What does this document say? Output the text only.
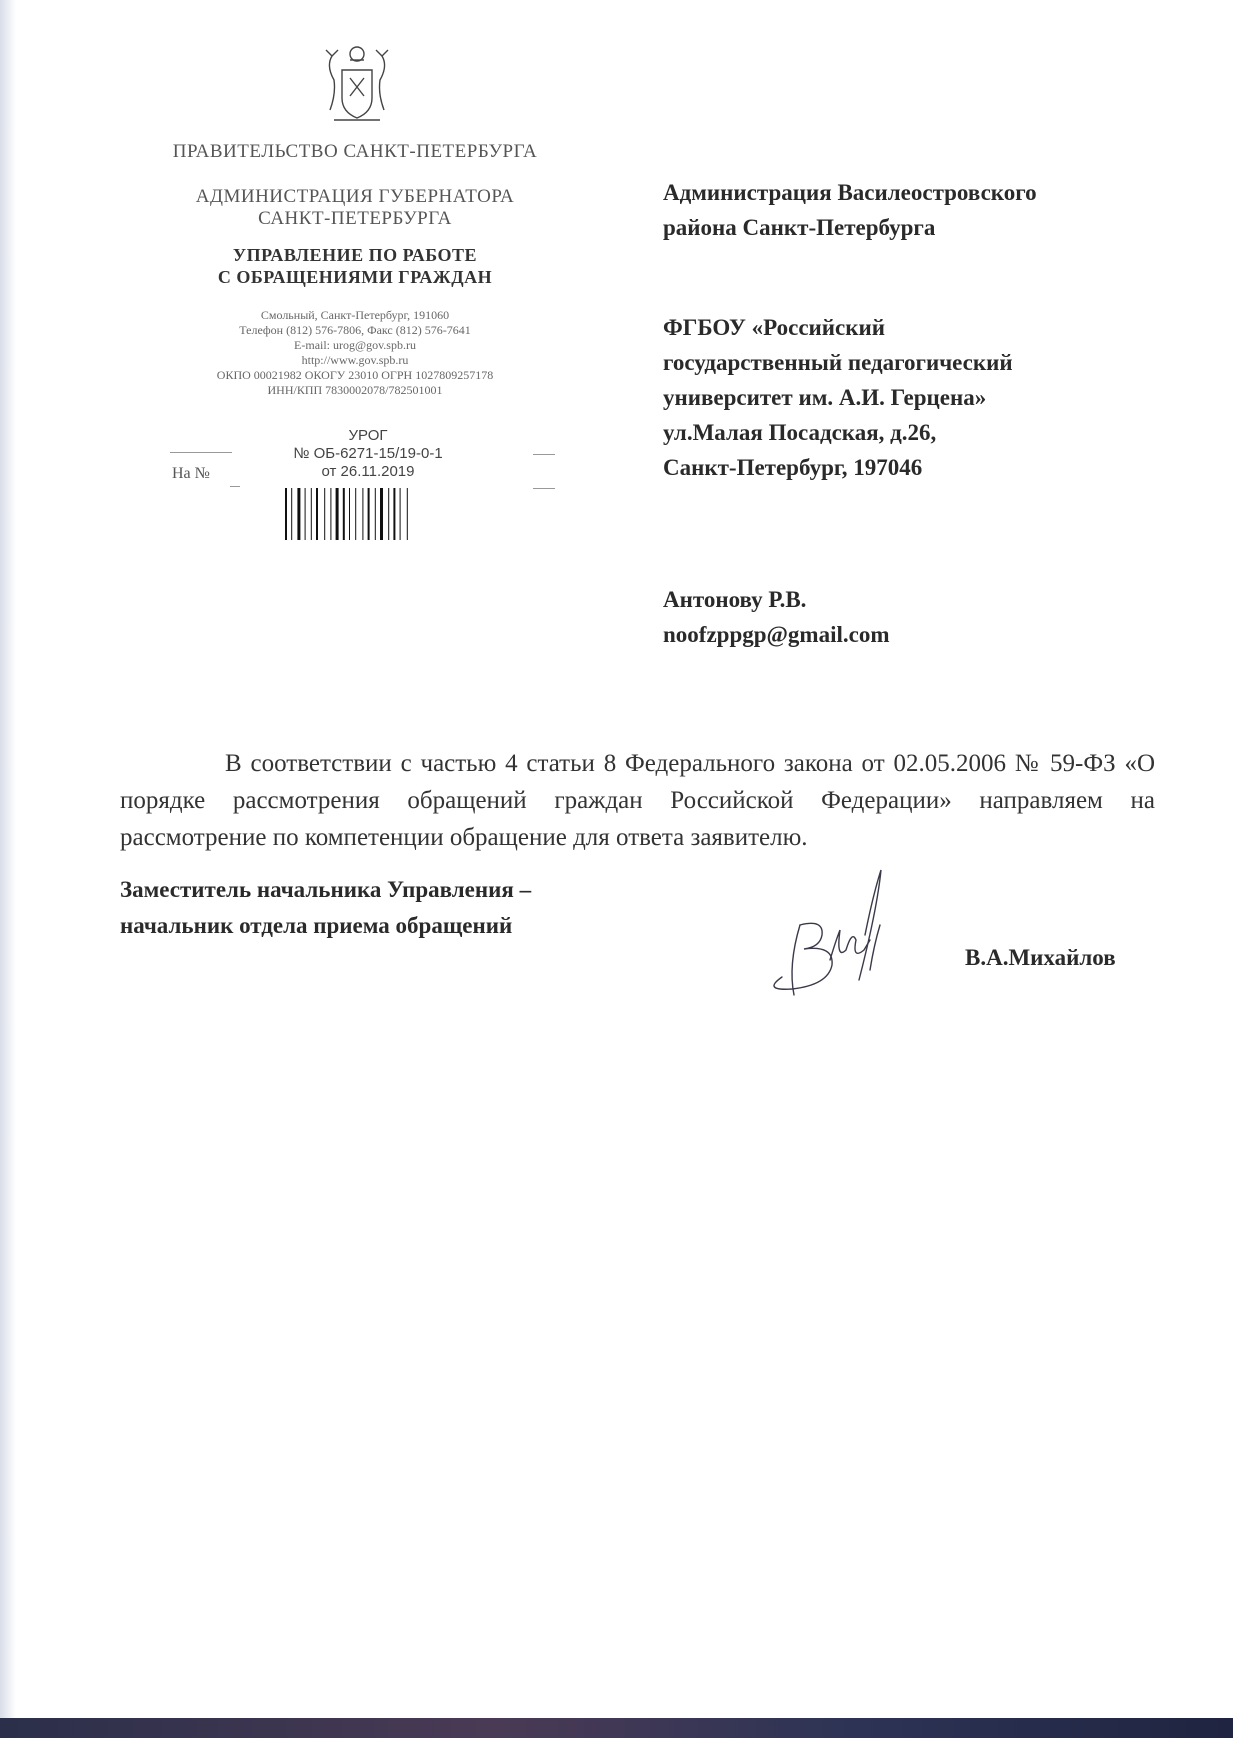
ПРАВИТЕЛЬСТВО САНКТ-ПЕТЕРБУРГА
АДМИНИСТРАЦИЯ ГУБЕРНАТОРА
САНКТ-ПЕТЕРБУРГА
УПРАВЛЕНИЕ ПО РАБОТЕ
С ОБРАЩЕНИЯМИ ГРАЖДАН
Смольный, Санкт-Петербург, 191060
Телефон (812) 576-7806, Факс (812) 576-7641
E-mail: urog@gov.spb.ru
http://www.gov.spb.ru
ОКПО 00021982 ОКОГУ 23010 ОГРН 1027809257178
ИНН/КПП 7830002078/782501001
На №
УРОГ
№ ОБ-6271-15/19-0-1
от 26.11.2019
Администрация Василеостровского
района Санкт-Петербурга
ФГБОУ «Российский
государственный педагогический
университет им. А.И. Герцена»
ул.Малая Посадская, д.26,
Санкт-Петербург, 197046
Антонову Р.В.
noofzppgp@gmail.com
В соответствии с частью 4 статьи 8 Федерального закона от 02.05.2006 № 59-ФЗ «О порядке рассмотрения обращений граждан Российской Федерации» направляем на рассмотрение по компетенции обращение для ответа заявителю.
Заместитель начальника Управления –
начальник отдела приема обращений
В.А.Михайлов
